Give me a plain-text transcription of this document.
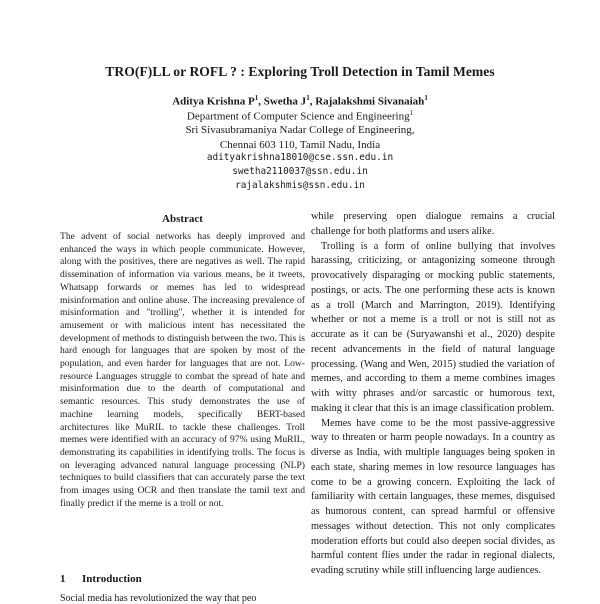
TRO(F)LL or ROFL ? : Exploring Troll Detection in Tamil Memes
Aditya Krishna $P^1$, Swetha $J^1$, Rajalakshmi Sivanaiah$^1$
Department of Computer Science and Engineering$^1$
Sri Sivasubramaniya Nadar College of Engineering,
Chennai 603 110, Tamil Nadu, India
adityakrishna18010@cse.ssn.edu.in
swetha2110037@ssn.edu.in
rajalakshmis@ssn.edu.in
Abstract
The advent of social networks has deeply improved and enhanced the ways in which people communicate. However, along with the positives, there are negatives as well. The rapid dissemination of information via various means, be it tweets, Whatsapp forwards or memes has led to widespread misinformation and online abuse. The increasing prevalence of misinformation and "trolling", whether it is intended for amusement or with malicious intent has necessitated the development of methods to distinguish between the two. This is hard enough for languages that are spoken by most of the population, and even harder for languages that are not. Low-resource Languages struggle to combat the spread of hate and misinformation due to the dearth of computational and semantic resources. This study demonstrates the use of machine learning models, specifically BERT-based architectures like MuRIL to tackle these challenges. Troll memes were identified with an accuracy of 97% using MuRIL, demonstrating its capabilities in identifying trolls. The focus is on leveraging advanced natural language processing (NLP) techniques to build classifiers that can accurately parse the text from images using OCR and then translate the tamil text and finally predict if the meme is a troll or not.
1 Introduction
Social media has revolutionized the way that peo

while preserving open dialogue remains a crucial challenge for both platforms and users alike.

Trolling is a form of online bullying that involves harassing, criticizing, or antagonizing someone through provocatively disparaging or mocking public statements, postings, or acts. The one performing these acts is known as a troll (March and Marrington, 2019). Identifying whether or not a meme is a troll or not is still not as accurate as it can be (Suryawanshi et al., 2020) despite recent advancements in the field of natural language processing. (Wang and Wen, 2015) studied the variation of memes, and according to them a meme combines images with witty phrases and/or sarcastic or humorous text, making it clear that this is an image classification problem.

Memes have come to be the most passive-aggressive way to threaten or harm people nowadays. In a country as diverse as India, with multiple languages being spoken in each state, sharing memes in low resource languages has come to be a growing concern. Exploiting the lack of familiarity with certain languages, these memes, disguised as humorous content, can spread harmful or offensive messages without detection. This not only complicates moderation efforts but could also deepen social divides, as harmful content flies under the radar in regional dialects, evading scrutiny while still influencing large audiences.
